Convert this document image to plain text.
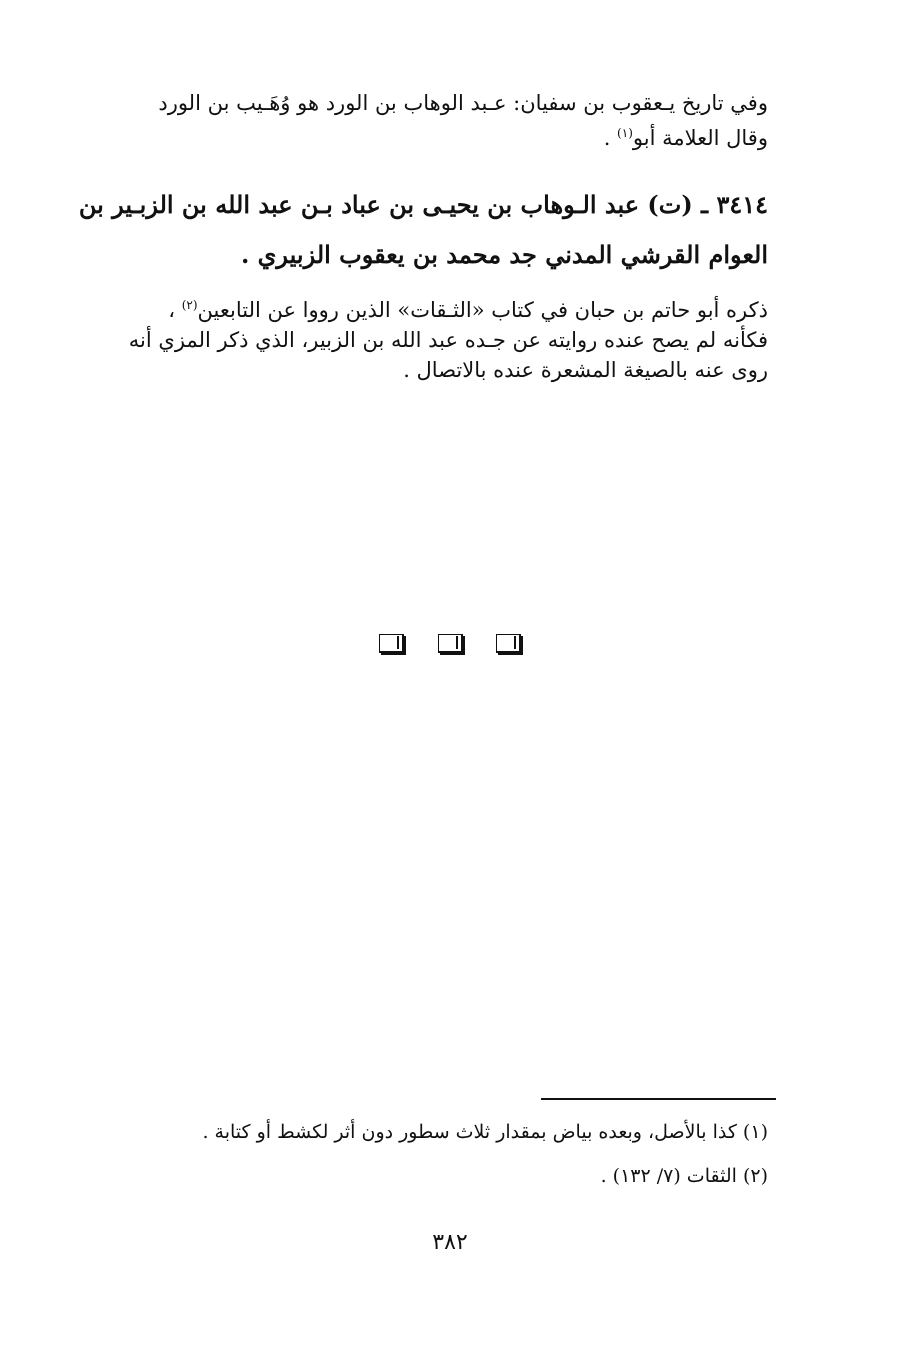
وفي تاريخ يـعقوب بن سفيان: عـبد الوهاب بن الورد هو وُهَـيب بن الورد
وقال العلامة أبو$^{(١)}$ .
٣٤١٤ ـ (ت) عبد الـوهاب بن يحيـى بن عباد بـن عبد الله بن الزبـير بن
العوام القرشي المدني جد محمد بن يعقوب الزبيري .
ذكره أبو حاتم بن حبان في كتاب «الثـقات» الذين رووا عن التابعين$^{(٢)}$ ،
فكأنه لم يصح عنده روايته عن جـده عبد الله بن الزبير، الذي ذكر المزي أنه
روى عنه بالصيغة المشعرة عنده بالاتصال .

(١) كذا بالأصل، وبعده بياض بمقدار ثلاث سطور دون أثر لكشط أو كتابة .
(٢) الثقات (٧/ ١٣٢) .
٣٨٢
